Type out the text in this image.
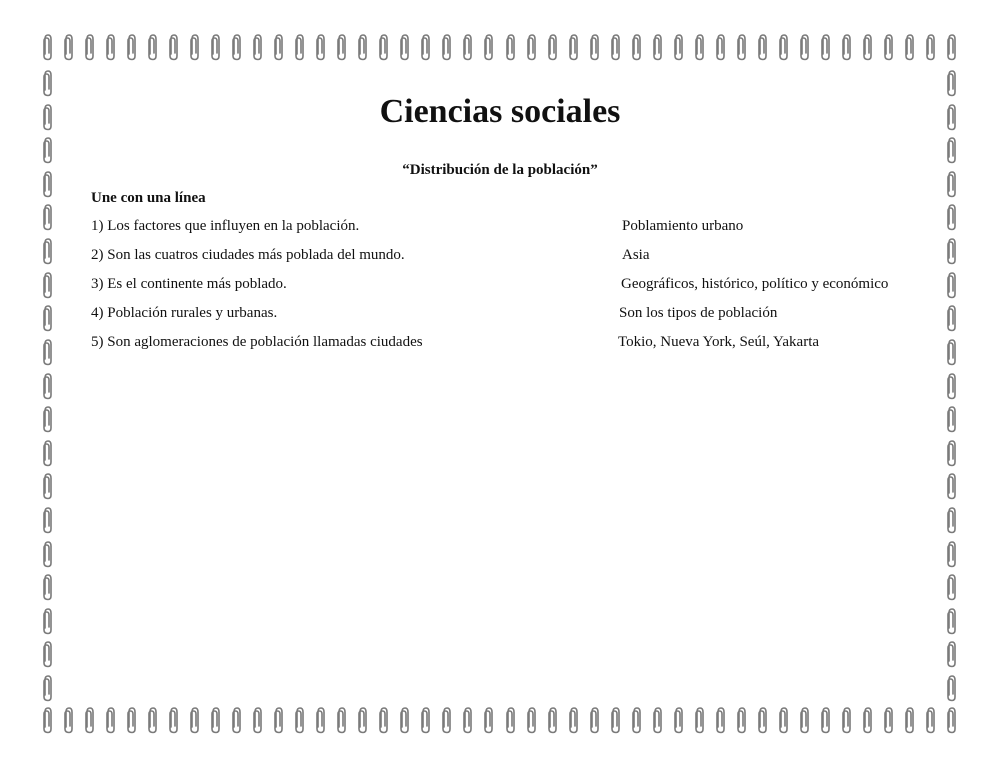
Ciencias sociales
“Distribución de la población”
Une con una línea
1) Los factores que influyen en la población.
2) Son las cuatros ciudades más poblada del mundo.
3) Es el continente más poblado.
4) Población rurales y urbanas.
5) Son aglomeraciones de población llamadas ciudades
Poblamiento urbano
Asia
Geográficos, histórico, político y económico
Son los tipos de población
Tokio, Nueva York, Seúl, Yakarta
